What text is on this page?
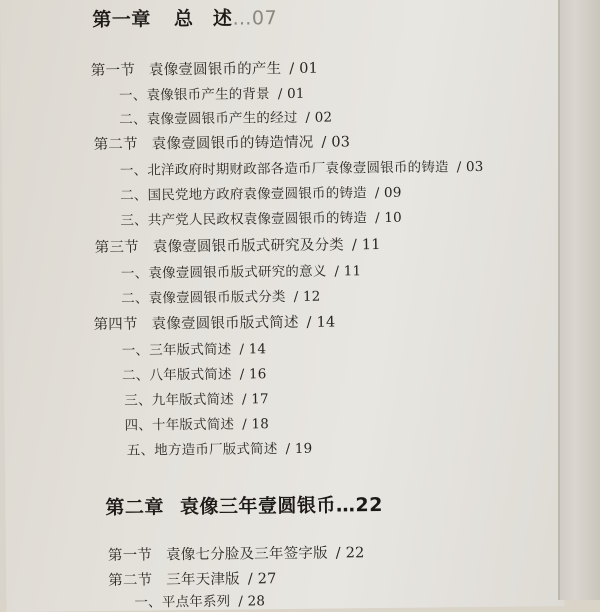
第一章 总　述…07
第一节 袁像壹圆银币的产生 / 01
一、袁像银币产生的背景 / 01
二、袁像壹圆银币产生的经过 / 02
第二节 袁像壹圆银币的铸造情况 / 03
一、北洋政府时期财政部各造币厂袁像壹圆银币的铸造 / 03
二、国民党地方政府袁像壹圆银币的铸造 / 09
三、共产党人民政权袁像壹圆银币的铸造 / 10
第三节 袁像壹圆银币版式研究及分类 / 11
一、袁像壹圆银币版式研究的意义 / 11
二、袁像壹圆银币版式分类 / 12
第四节 袁像壹圆银币版式简述 / 14
一、三年版式简述 / 14
二、八年版式简述 / 16
三、九年版式简述 / 17
四、十年版式简述 / 18
五、地方造币厂版式简述 / 19
第二章 袁像三年壹圆银币…22
第一节 袁像七分脸及三年签字版 / 22
第二节 三年天津版 / 27
一、平点年系列 / 28
